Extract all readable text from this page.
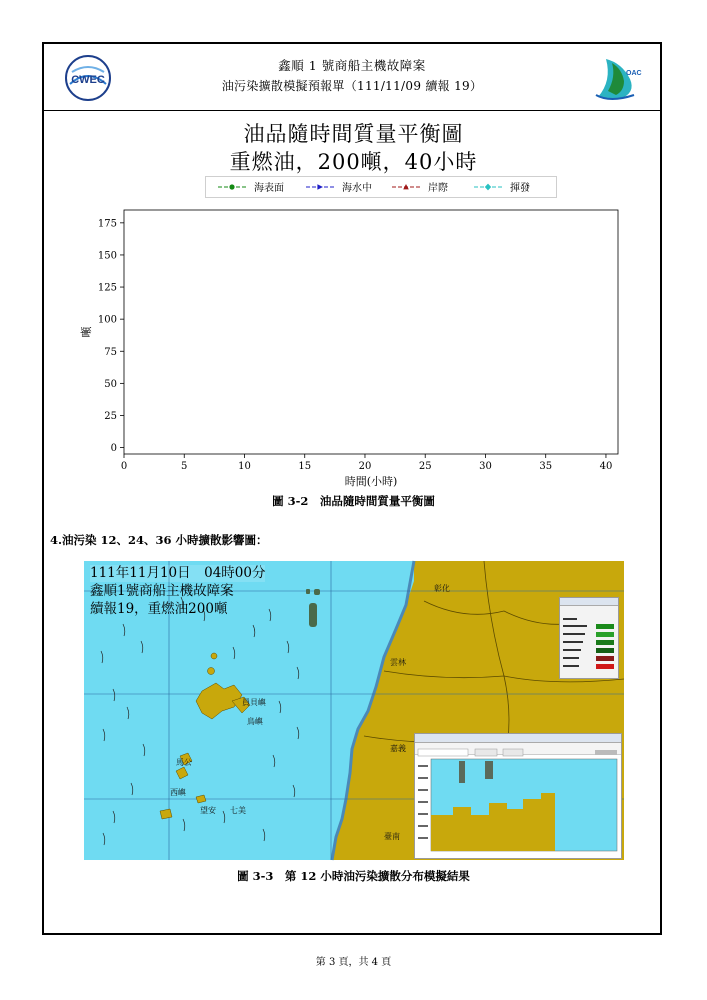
CWEC
鑫順 1 號商船主機故障案
油污染擴散模擬預報單（111/11/09 續報 19）
OAC
油品隨時間質量平衡圖
重燃油，200噸，40小時
海表面	海水中	岸際	揮發
0	5	10	15	20	25	30	35	40
0
25
50
75
100
125
150
175
時間(小時)
噸
圖 3-2　油品隨時間質量平衡圖
4.油污染 12、24、36 小時擴散影響圖：
111年11月10日　04時00分
鑫順1號商船主機故障案
續報19，重燃油200噸
彰化
雲林
嘉義
臺南
員貝嶼
鳥嶼
馬公
西嶼
望安 七美
圖 3-3　第 12 小時油污染擴散分布模擬結果
第 3 頁，共 4 頁
